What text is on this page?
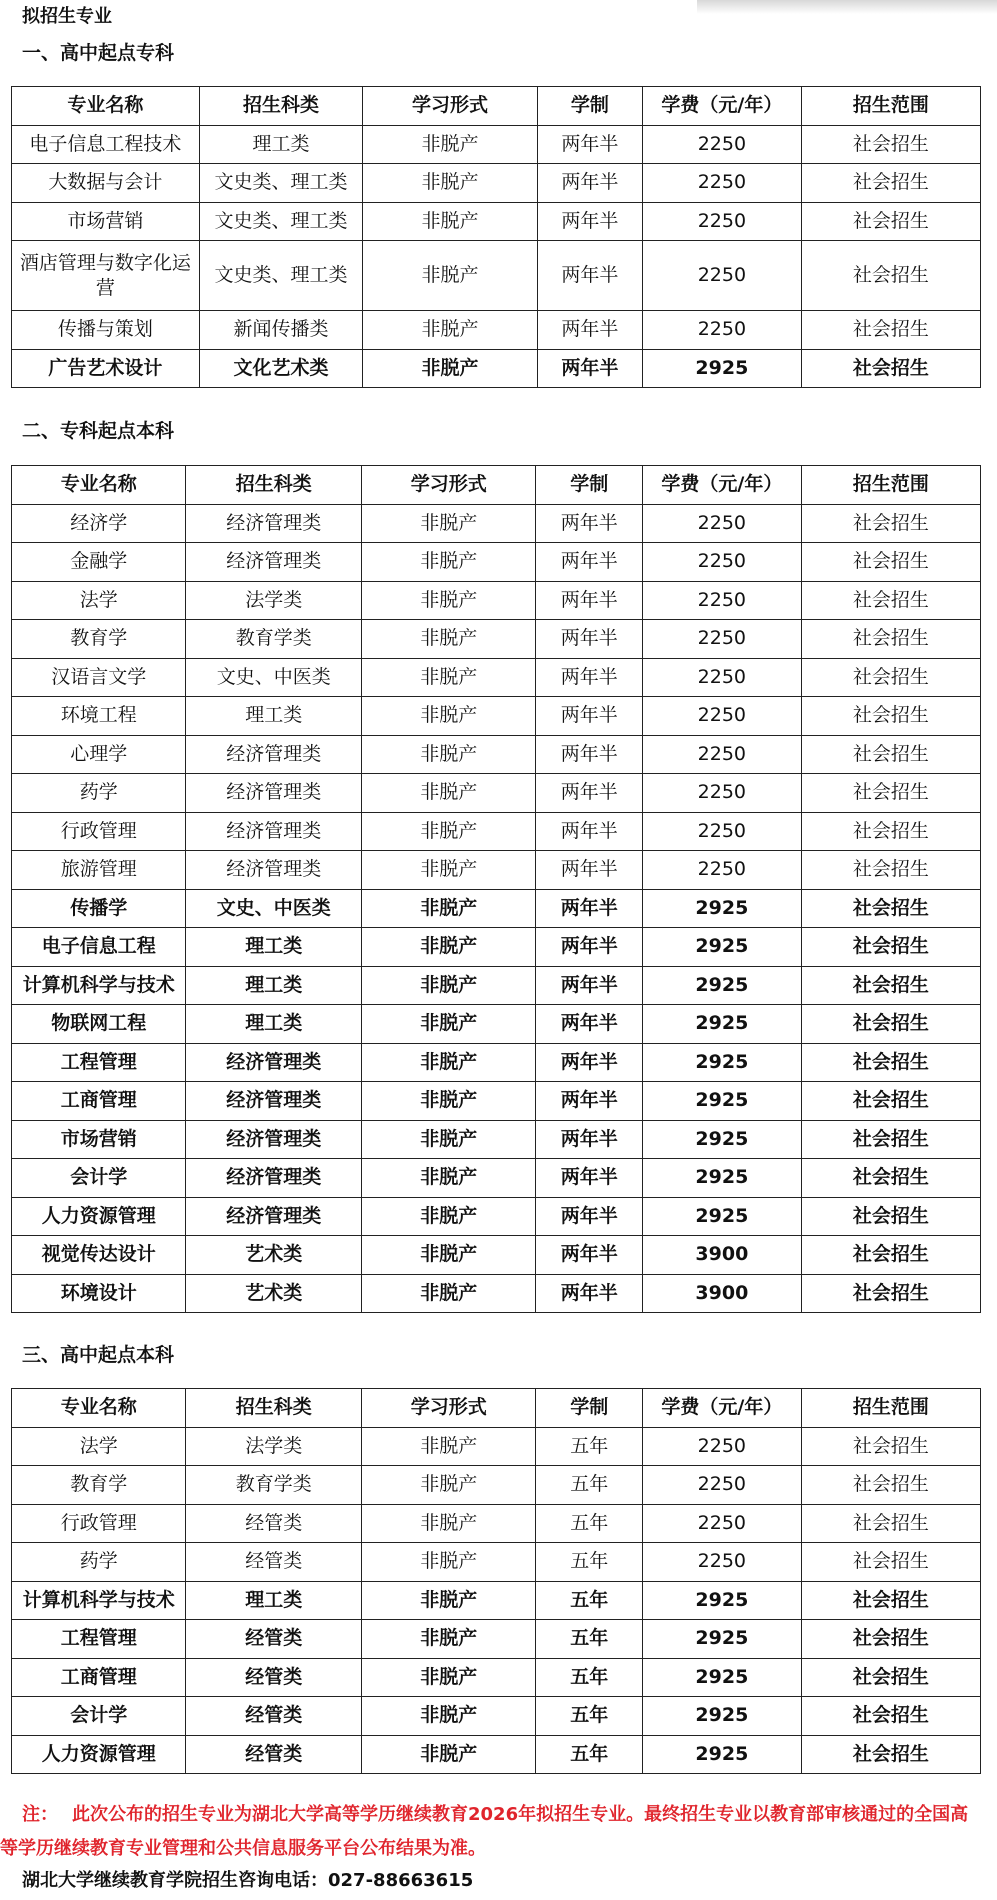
拟招生专业
一、高中起点专科
专业名称	招生科类	学习形式	学制	学费（元/年）	招生范围
电子信息工程技术	理工类	非脱产	两年半	2250	社会招生
大数据与会计	文史类、理工类	非脱产	两年半	2250	社会招生
市场营销	文史类、理工类	非脱产	两年半	2250	社会招生
酒店管理与数字化运营	文史类、理工类	非脱产	两年半	2250	社会招生
传播与策划	新闻传播类	非脱产	两年半	2250	社会招生
广告艺术设计	文化艺术类	非脱产	两年半	2925	社会招生
二、专科起点本科
专业名称	招生科类	学习形式	学制	学费（元/年）	招生范围
经济学	经济管理类	非脱产	两年半	2250	社会招生
金融学	经济管理类	非脱产	两年半	2250	社会招生
法学	法学类	非脱产	两年半	2250	社会招生
教育学	教育学类	非脱产	两年半	2250	社会招生
汉语言文学	文史、中医类	非脱产	两年半	2250	社会招生
环境工程	理工类	非脱产	两年半	2250	社会招生
心理学	经济管理类	非脱产	两年半	2250	社会招生
药学	经济管理类	非脱产	两年半	2250	社会招生
行政管理	经济管理类	非脱产	两年半	2250	社会招生
旅游管理	经济管理类	非脱产	两年半	2250	社会招生
传播学	文史、中医类	非脱产	两年半	2925	社会招生
电子信息工程	理工类	非脱产	两年半	2925	社会招生
计算机科学与技术	理工类	非脱产	两年半	2925	社会招生
物联网工程	理工类	非脱产	两年半	2925	社会招生
工程管理	经济管理类	非脱产	两年半	2925	社会招生
工商管理	经济管理类	非脱产	两年半	2925	社会招生
市场营销	经济管理类	非脱产	两年半	2925	社会招生
会计学	经济管理类	非脱产	两年半	2925	社会招生
人力资源管理	经济管理类	非脱产	两年半	2925	社会招生
视觉传达设计	艺术类	非脱产	两年半	3900	社会招生
环境设计	艺术类	非脱产	两年半	3900	社会招生
三、高中起点本科
专业名称	招生科类	学习形式	学制	学费（元/年）	招生范围
法学	法学类	非脱产	五年	2250	社会招生
教育学	教育学类	非脱产	五年	2250	社会招生
行政管理	经管类	非脱产	五年	2250	社会招生
药学	经管类	非脱产	五年	2250	社会招生
计算机科学与技术	理工类	非脱产	五年	2925	社会招生
工程管理	经管类	非脱产	五年	2925	社会招生
工商管理	经管类	非脱产	五年	2925	社会招生
会计学	经管类	非脱产	五年	2925	社会招生
人力资源管理	经管类	非脱产	五年	2925	社会招生
注： 此次公布的招生专业为湖北大学高等学历继续教育2026年拟招生专业。最终招生专业以教育部审核通过的全国高
等学历继续教育专业管理和公共信息服务平台公布结果为准。
湖北大学继续教育学院招生咨询电话：027-88663615
